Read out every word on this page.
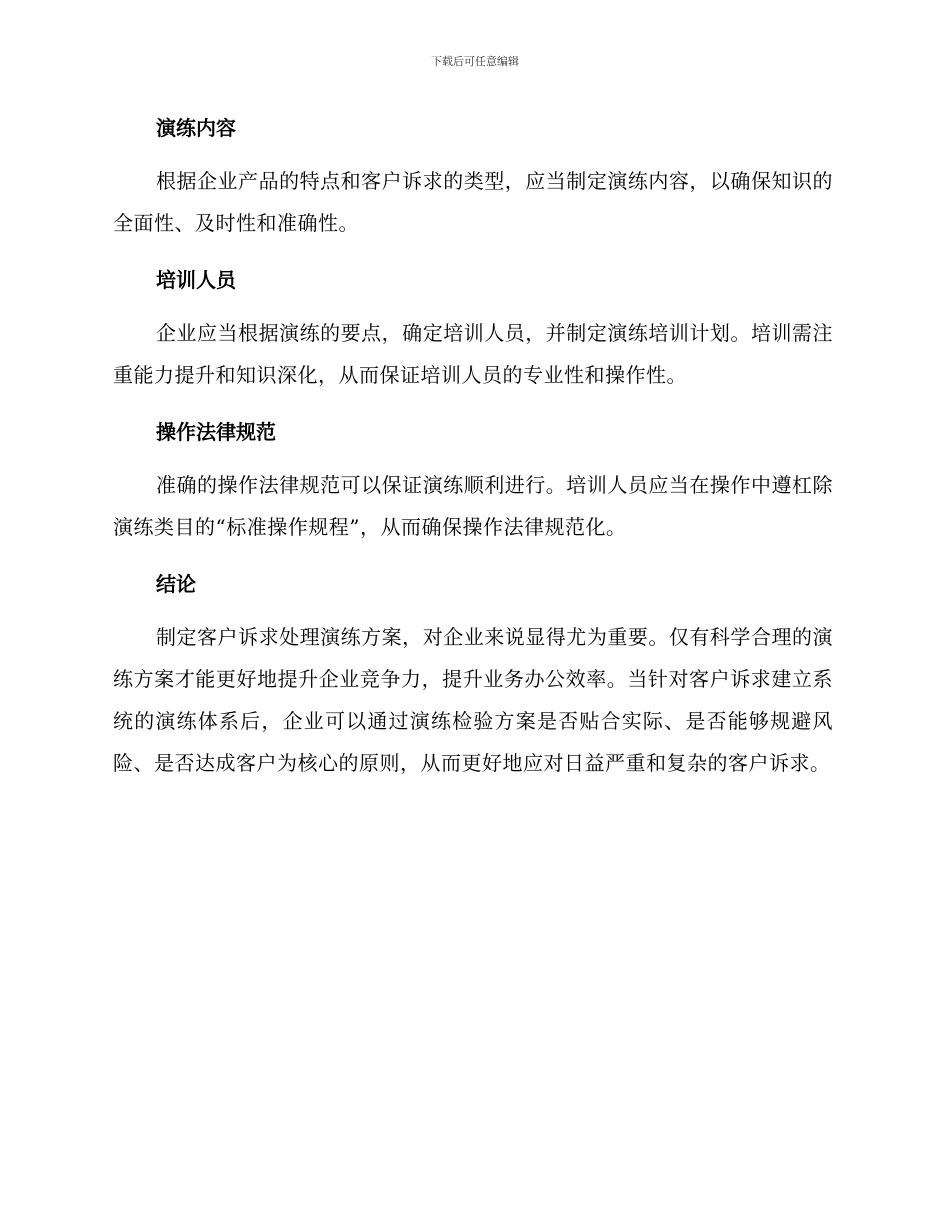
下载后可任意编辑
演练内容

根据企业产品的特点和客户诉求的类型，应当制定演练内容，以确保知识的全面性、及时性和准确性。

培训人员

企业应当根据演练的要点，确定培训人员，并制定演练培训计划。培训需注重能力提升和知识深化，从而保证培训人员的专业性和操作性。

操作法律规范

准确的操作法律规范可以保证演练顺利进行。培训人员应当在操作中遵杠除演练类目的“标准操作规程”，从而确保操作法律规范化。

结论

制定客户诉求处理演练方案，对企业来说显得尤为重要。仅有科学合理的演练方案才能更好地提升企业竞争力，提升业务办公效率。当针对客户诉求建立系统的演练体系后，企业可以通过演练检验方案是否贴合实际、是否能够规避风险、是否达成客户为核心的原则，从而更好地应对日益严重和复杂的客户诉求。
